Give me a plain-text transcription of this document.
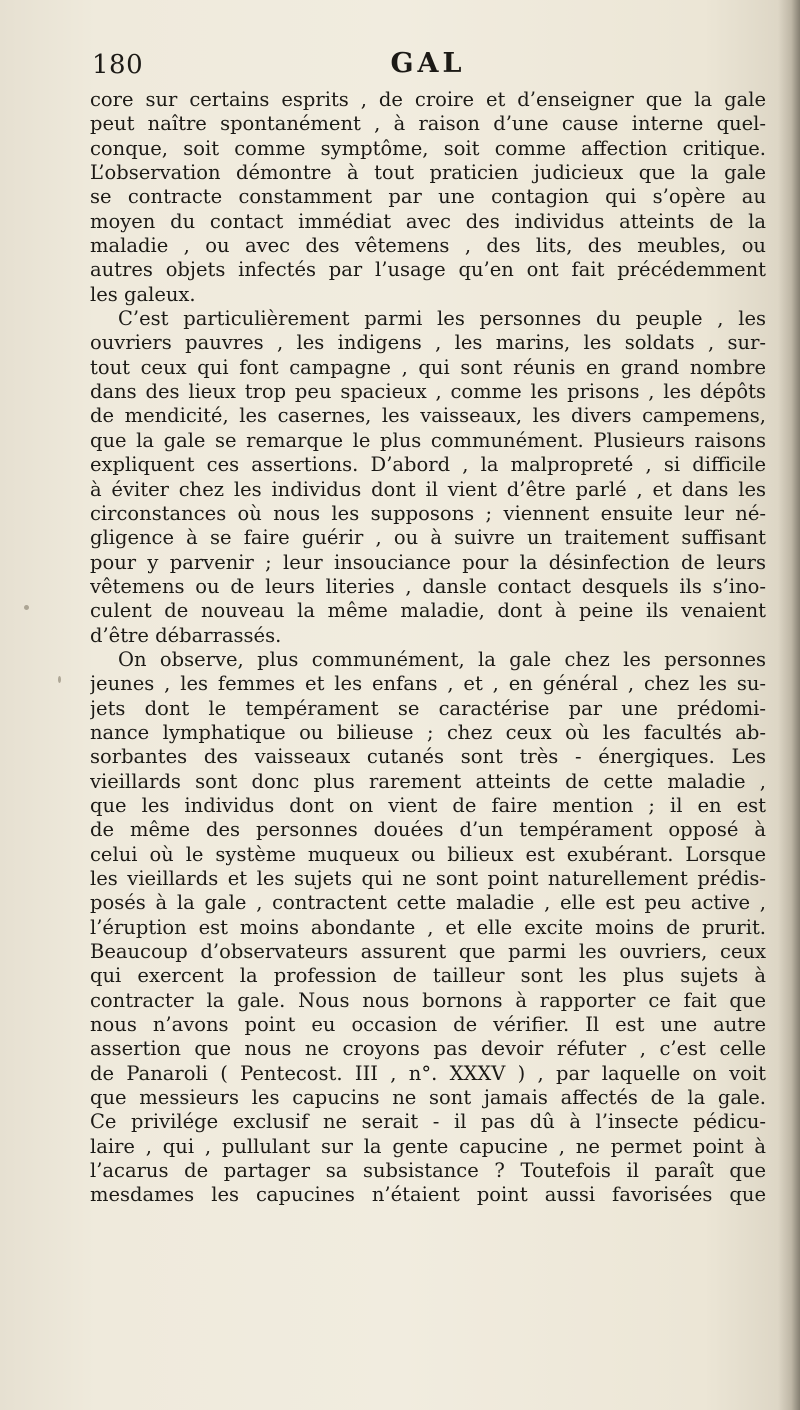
180	GAL
core sur certains esprits , de croire et d’enseigner que la gale
peut naître spontanément , à raison d’une cause interne quel-
conque, soit comme symptôme, soit comme affection critique.
L’observation démontre à tout praticien judicieux que la gale
se contracte constamment par une contagion qui s’opère au
moyen du contact immédiat avec des individus atteints de la
maladie , ou avec des vêtemens , des lits, des meubles, ou
autres objets infectés par l’usage qu’en ont fait précédemment
les galeux.
C’est particulièrement parmi les personnes du peuple , les
ouvriers pauvres , les indigens , les marins, les soldats , sur-
tout ceux qui font campagne , qui sont réunis en grand nombre
dans des lieux trop peu spacieux , comme les prisons , les dépôts
de mendicité, les casernes, les vaisseaux, les divers campemens,
que la gale se remarque le plus communément. Plusieurs raisons
expliquent ces assertions. D’abord , la malpropreté , si difficile
à éviter chez les individus dont il vient d’être parlé , et dans les
circonstances où nous les supposons ; viennent ensuite leur né-
gligence à se faire guérir , ou à suivre un traitement suffisant
pour y parvenir ; leur insouciance pour la désinfection de leurs
vêtemens ou de leurs literies , dansle contact desquels ils s’ino-
culent de nouveau la même maladie, dont à peine ils venaient
d’être débarrassés.
On observe, plus communément, la gale chez les personnes
jeunes , les femmes et les enfans , et , en général , chez les su-
jets dont le tempérament se caractérise par une prédomi-
nance lymphatique ou bilieuse ; chez ceux où les facultés ab-
sorbantes des vaisseaux cutanés sont très - énergiques. Les
vieillards sont donc plus rarement atteints de cette maladie ,
que les individus dont on vient de faire mention ; il en est
de même des personnes douées d’un tempérament opposé à
celui où le système muqueux ou bilieux est exubérant. Lorsque
les vieillards et les sujets qui ne sont point naturellement prédis-
posés à la gale , contractent cette maladie , elle est peu active ,
l’éruption est moins abondante , et elle excite moins de prurit.
Beaucoup d’observateurs assurent que parmi les ouvriers, ceux
qui exercent la profession de tailleur sont les plus sujets à
contracter la gale. Nous nous bornons à rapporter ce fait que
nous n’avons point eu occasion de vérifier. Il est une autre
assertion que nous ne croyons pas devoir réfuter , c’est celle
de Panaroli ( Pentecost. III , n°. XXXV ) , par laquelle on voit
que messieurs les capucins ne sont jamais affectés de la gale.
Ce privilége exclusif ne serait - il pas dû à l’insecte pédicu-
laire , qui , pullulant sur la gente capucine , ne permet point à
l’acarus de partager sa subsistance ? Toutefois il paraît que
mesdames les capucines n’étaient point aussi favorisées que
